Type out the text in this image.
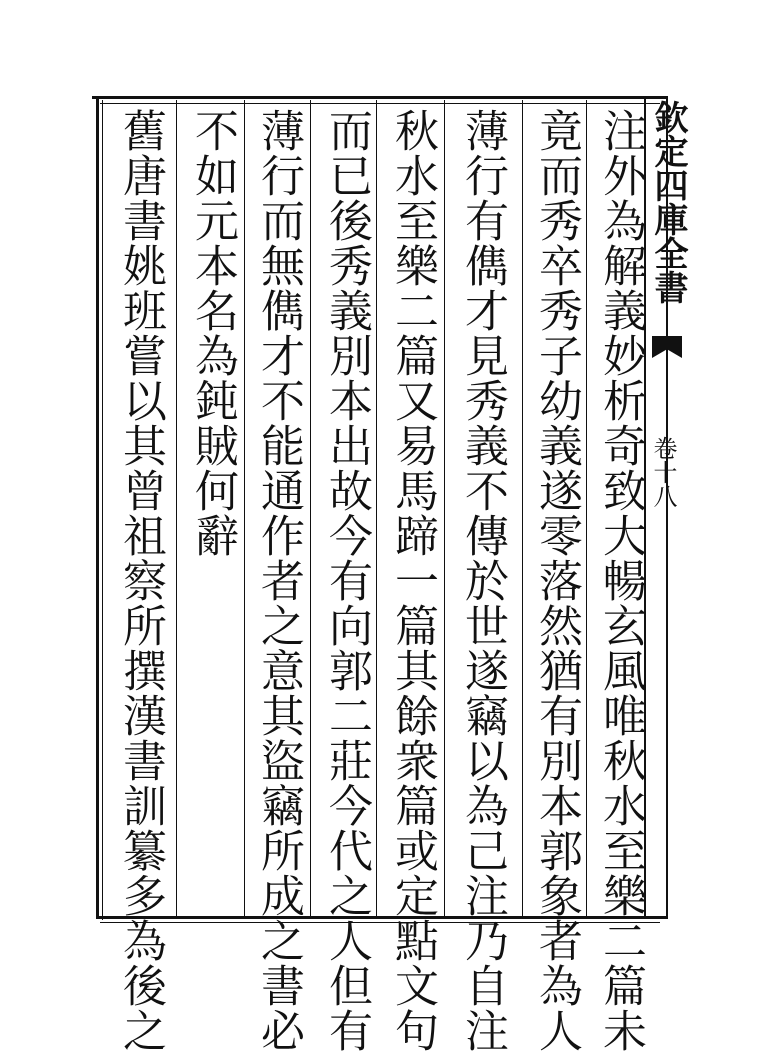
欽定四庫全書
卷十八
注外為解義妙析奇致大暢玄風唯秋水至樂二篇未
竟而秀卒秀子幼義遂零落然猶有別本郭象者為人
薄行有儁才見秀義不傳於世遂竊以為己注乃自注
秋水至樂二篇又易馬蹄一篇其餘衆篇或定點文句
而已後秀義別本出故今有向郭二莊今代之人但有
薄行而無儁才不能通作者之意其盜竊所成之書必
不如元本名為鈍賊何辭
舊唐書姚班嘗以其曾祖察所撰漢書訓纂多為後之
